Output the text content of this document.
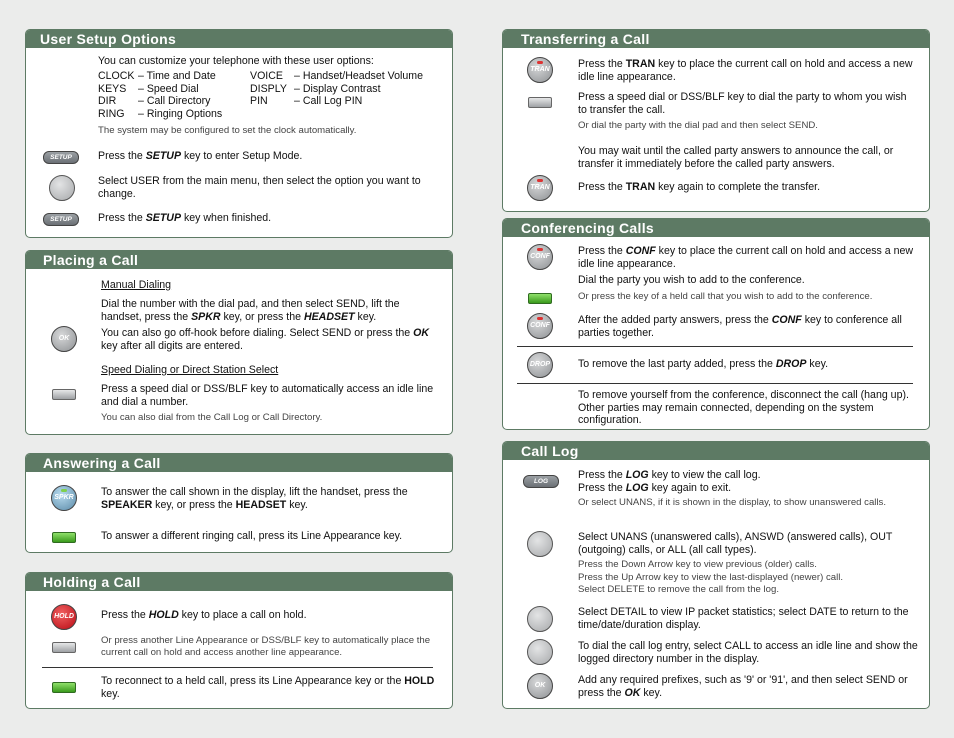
User Setup Options
You can customize your telephone with these user options:
CLOCK – Time and Date
KEYS – Speed Dial
DIR – Call Directory
RING – Ringing Options
VOICE – Handset/Headset Volume
DISPLY – Display Contrast
PIN – Call Log PIN
The system may be configured to set the clock automatically.
SETUP	Press the SETUP key to enter Setup Mode.
Select USER from the main menu, then select the option you want to change.
SETUP	Press the SETUP key when finished.
Placing a Call
Manual Dialing
Dial the number with the dial pad, and then select SEND, lift the handset, press the SPKR key, or press the HEADSET key.
OK	You can also go off-hook before dialing. Select SEND or press the OK key after all digits are entered.
Speed Dialing or Direct Station Select
Press a speed dial or DSS/BLF key to automatically access an idle line and dial a number.
You can also dial from the Call Log or Call Directory.
Answering a Call
SPKR	To answer the call shown in the display, lift the handset, press the SPEAKER key, or press the HEADSET key.
To answer a different ringing call, press its Line Appearance key.
Holding a Call
HOLD	Press the HOLD key to place a call on hold.
Or press another Line Appearance or DSS/BLF key to automatically place the current call on hold and access another line appearance.
To reconnect to a held call, press its Line Appearance key or the HOLD key.
Transferring a Call
TRAN	Press the TRAN key to place the current call on hold and access a new idle line appearance.
Press a speed dial or DSS/BLF key to dial the party to whom you wish to transfer the call.
Or dial the party with the dial pad and then select SEND.
You may wait until the called party answers to announce the call, or transfer it immediately before the called party answers.
TRAN	Press the TRAN key again to complete the transfer.
Conferencing Calls
CONF	Press the CONF key to place the current call on hold and access a new idle line appearance.
Dial the party you wish to add to the conference.
Or press the key of a held call that you wish to add to the conference.
CONF	After the added party answers, press the CONF key to conference all parties together.
DROP	To remove the last party added, press the DROP key.
To remove yourself from the conference, disconnect the call (hang up). Other parties may remain connected, depending on the system configuration.
Call Log
LOG
Press the LOG key to view the call log.
Press the LOG key again to exit.
Or select UNANS, if it is shown in the display, to show unanswered calls.
Select UNANS (unanswered calls), ANSWD (answered calls), OUT (outgoing) calls, or ALL (all call types).
Press the Down Arrow key to view previous (older) calls.
Press the Up Arrow key to view the last-displayed (newer) call.
Select DELETE to remove the call from the log.
Select DETAIL to view IP packet statistics; select DATE to return to the time/date/duration display.
To dial the call log entry, select CALL to access an idle line and show the logged directory number in the display.
OK	Add any required prefixes, such as '9' or '91', and then select SEND or press the OK key.
